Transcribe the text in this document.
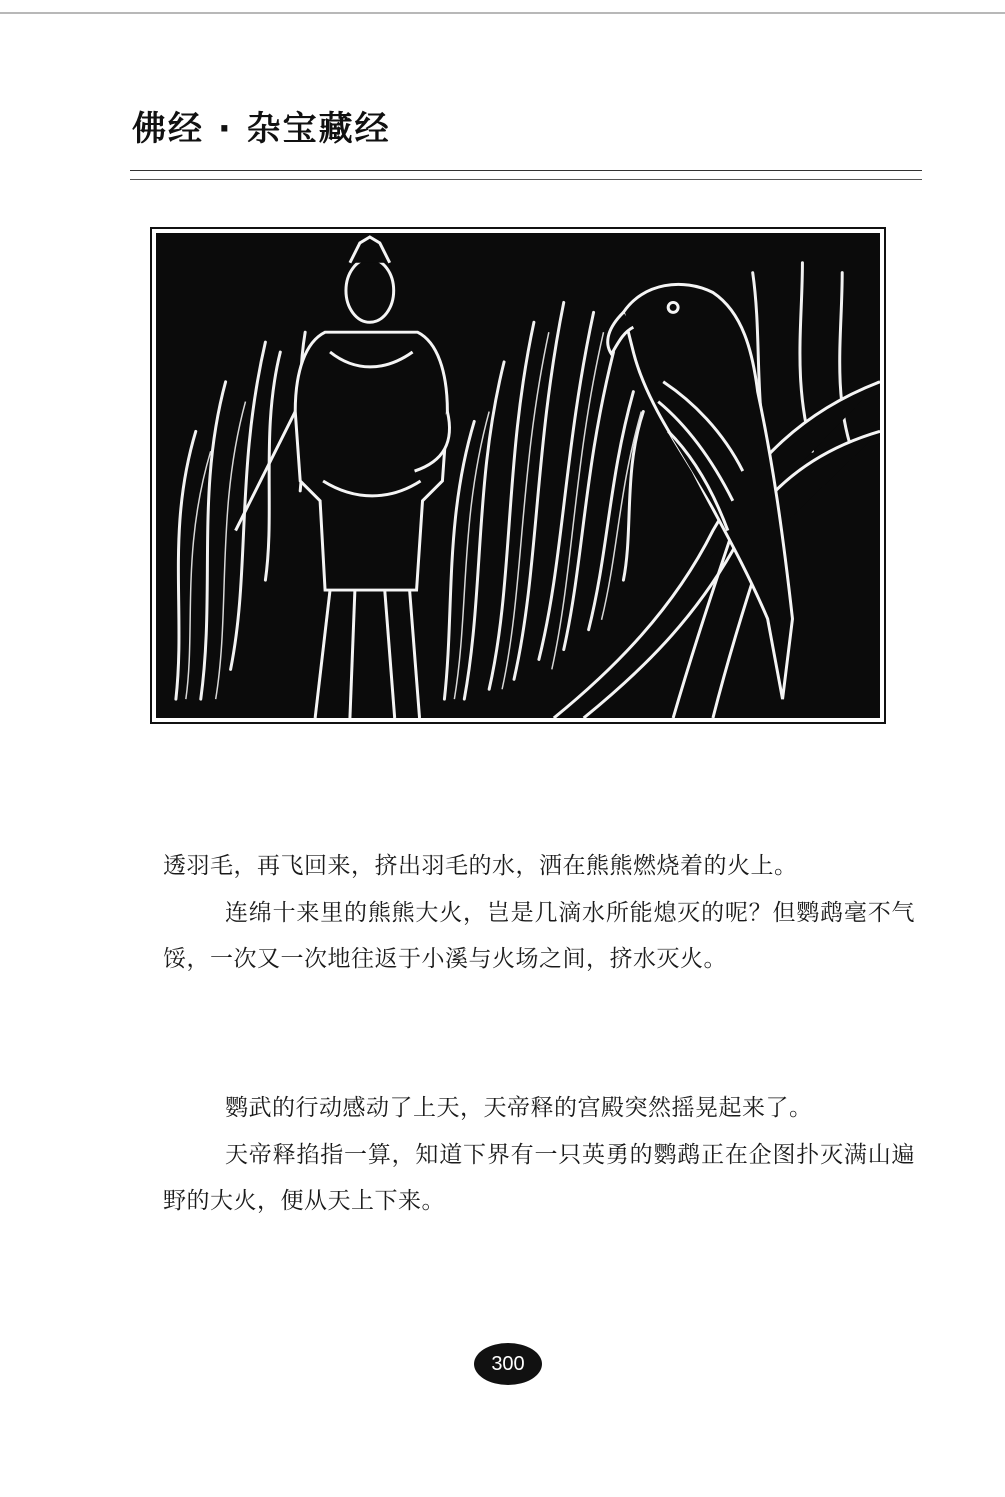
佛经 · 杂宝藏经

透羽毛，再飞回来，挤出羽毛的水，洒在熊熊燃烧着的火上。

连绵十来里的熊熊大火，岂是几滴水所能熄灭的呢？但鹦鹉毫不气馁，一次又一次地往返于小溪与火场之间，挤水灭火。

鹦武的行动感动了上天，天帝释的宫殿突然摇晃起来了。

天帝释掐指一算，知道下界有一只英勇的鹦鹉正在企图扑灭满山遍野的大火，便从天上下来。

300
